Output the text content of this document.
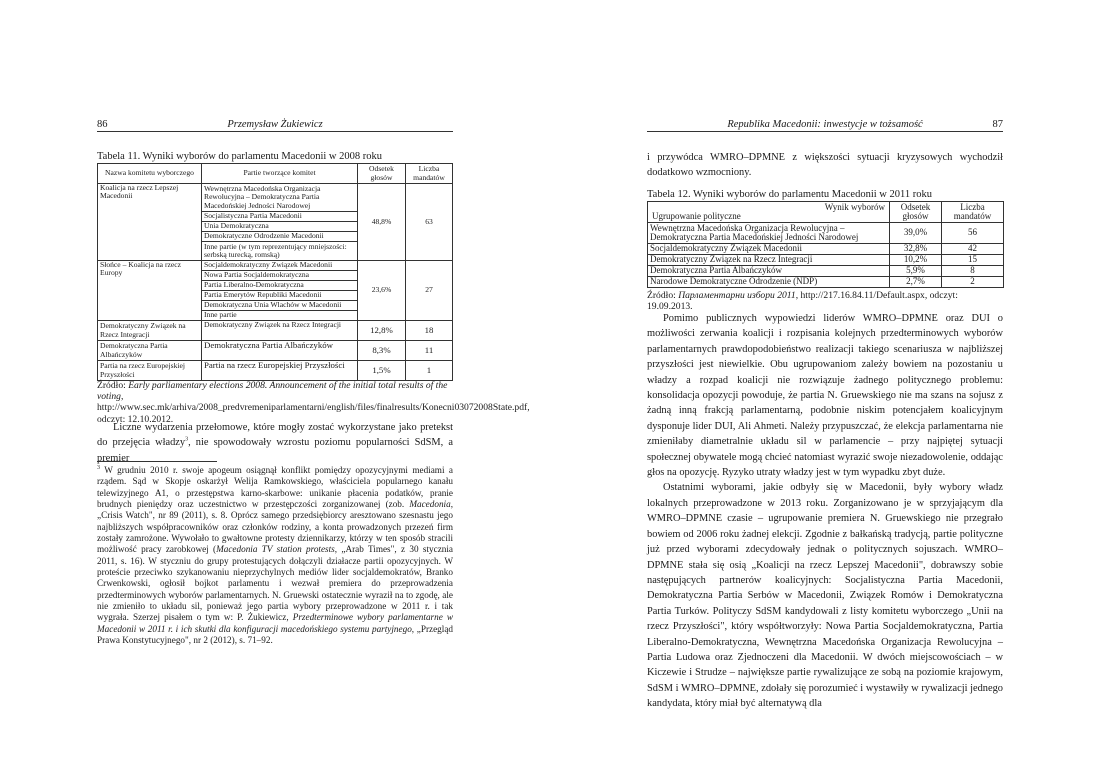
86	Przemysław Żukiewicz
Tabela 11. Wyniki wyborów do parlamentu Macedonii w 2008 roku
Nazwa komitetu wyborczego	Partie tworzące komitet	Odsetek głosów	Liczba mandatów
Koalicja na rzecz Lepszej Macedonii	Wewnętrzna Macedońska Organizacja Rewolucyjna – Demokratyczna Partia Macedońskiej Jedności Narodowej	48,8%	63
	Socjalistyczna Partia Macedonii		
	Unia Demokratyczna		
	Demokratyczne Odrodzenie Macedonii		
	Inne partie (w tym reprezentujący mniejszości: serbską turecką, romską)		
Słońce – Koalicja na rzecz Europy	Socjaldemokratyczny Związek Macedonii	23,6%	27
	Nowa Partia Socjaldemokratyczna		
	Partia Liberalno-Demokratyczna		
	Partia Emerytów Republiki Macedonii		
	Demokratyczna Unia Wlachów w Macedonii		
	Inne partie		
Demokratyczny Związek na Rzecz Integracji	Demokratyczny Związek na Rzecz Integracji	12,8%	18
Demokratyczna Partia Albańczyków	Demokratyczna Partia Albańczyków	8,3%	11
Partia na rzecz Europejskiej Przyszłości	Partia na rzecz Europejskiej Przyszłości	1,5%	1
Źródło: Early parliamentary elections 2008. Announcement of the initial total results of the voting, http://www.sec.mk/arhiva/2008_predvremeniparlamentarni/english/files/finalresults/Konecni03072008State.pdf, odczyt: 12.10.2012.

Liczne wydarzenia przełomowe, które mogły zostać wykorzystane jako pretekst do przejęcia władzy$^3$, nie spowodowały wzrostu poziomu popularności SdSM, a premier

$^3$ W grudniu 2010 r. swoje apogeum osiągnął konflikt pomiędzy opozycyjnymi mediami a rządem. Sąd w Skopje oskarżył Welija Ramkowskiego, właściciela popularnego kanału telewizyjnego A1, o przestępstwa karno-skarbowe: unikanie płacenia podatków, pranie brudnych pieniędzy oraz uczestnictwo w przestępczości zorganizowanej (zob. Macedonia, „Crisis Watch", nr 89 (2011), s. 8. Oprócz samego przedsiębiorcy aresztowano szesnastu jego najbliższych współpracowników oraz członków rodziny, a konta prowadzonych przezeń firm zostały zamrożone. Wywołało to gwałtowne protesty dziennikarzy, którzy w ten sposób stracili możliwość pracy zarobkowej (Macedonia TV station protests, „Arab Times", z 30 stycznia 2011, s. 16). W styczniu do grupy protestujących dołączyli działacze partii opozycyjnych. W proteście przeciwko szykanowaniu nieprzychylnych mediów lider socjaldemokratów, Branko Crwenkowski, ogłosił bojkot parlamentu i wezwał premiera do przeprowadzenia przedterminowych wyborów parlamentarnych. N. Gruewski ostatecznie wyraził na to zgodę, ale nie zmieniło to układu sil, ponieważ jego partia wybory przeprowadzone w 2011 r. i tak wygrała. Szerzej pisałem o tym w: P. Żukiewicz, Przedterminowe wybory parlamentarne w Macedonii w 2011 r. i ich skutki dla konfiguracji macedońskiego systemu partyjnego, „Przegląd Prawa Konstytucyjnego", nr 2 (2012), s. 71–92.
Republika Macedonii: inwestycje w tożsamość	87

i przywódca WMRO–DPMNE z większości sytuacji kryzysowych wychodził dodatkowo wzmocniony.

Tabela 12. Wyniki wyborów do parlamentu Macedonii w 2011 roku
Wynik wyborów
Ugrupowanie polityczne	Odsetek głosów	Liczba mandatów
Wewnętrzna Macedońska Organizacja Rewolucyjna – Demokratyczna Partia Macedońskiej Jedności Narodowej	39,0%	56
Socjaldemokratyczny Związek Macedonii	32,8%	42
Demokratyczny Związek na Rzecz Integracji	10,2%	15
Demokratyczna Partia Albańczyków	5,9%	8
Narodowe Demokratyczne Odrodzenie (NDP)	2,7%	2
Źródło: Парламентарни избори 2011, http://217.16.84.11/Default.aspx, odczyt: 19.09.2013.

Pomimo publicznych wypowiedzi liderów WMRO–DPMNE oraz DUI o możliwości zerwania koalicji i rozpisania kolejnych przedterminowych wyborów parlamentarnych prawdopodobieństwo realizacji takiego scenariusza w najbliższej przyszłości jest niewielkie. Obu ugrupowaniom zależy bowiem na pozostaniu u władzy a rozpad koalicji nie rozwiązuje żadnego politycznego problemu: konsolidacja opozycji powoduje, że partia N. Gruewskiego nie ma szans na sojusz z żadną inną frakcją parlamentarną, podobnie niskim potencjałem koalicyjnym dysponuje lider DUI, Ali Ahmeti. Należy przypuszczać, że elekcja parlamentarna nie zmieniłaby diametralnie układu sil w parlamencie – przy najpiętej sytuacji społecznej obywatele mogą chcieć natomiast wyrazić swoje niezadowolenie, oddając głos na opozycję. Ryzyko utraty władzy jest w tym wypadku zbyt duże.

Ostatnimi wyborami, jakie odbyły się w Macedonii, były wybory władz lokalnych przeprowadzone w 2013 roku. Zorganizowano je w sprzyjającym dla WMRO–DPMNE czasie – ugrupowanie premiera N. Gruewskiego nie przegrało bowiem od 2006 roku żadnej elekcji. Zgodnie z bałkańską tradycją, partie polityczne już przed wyborami zdecydowały jednak o politycznych sojuszach. WMRO–DPMNE stała się osią „Koalicji na rzecz Lepszej Macedonii", dobrawszy sobie następujących partnerów koalicyjnych: Socjalistyczna Partia Macedonii, Demokratyczna Partia Serbów w Macedonii, Związek Romów i Demokratyczna Partia Turków. Polityczy SdSM kandydowali z listy komitetu wyborczego „Unii na rzecz Przyszłości", który współtworzyły: Nowa Partia Socjaldemokratyczna, Partia Liberalno-Demokratyczna, Wewnętrzna Macedońska Organizacja Rewolucyjna – Partia Ludowa oraz Zjednoczeni dla Macedonii. W dwóch miejscowościach – w Kiczewie i Strudze – największe partie rywalizujące ze sobą na poziomie krajowym, SdSM i WMRO–DPMNE, zdołały się porozumieć i wystawiły w rywalizacji jednego kandydata, który miał być alternatywą dla
